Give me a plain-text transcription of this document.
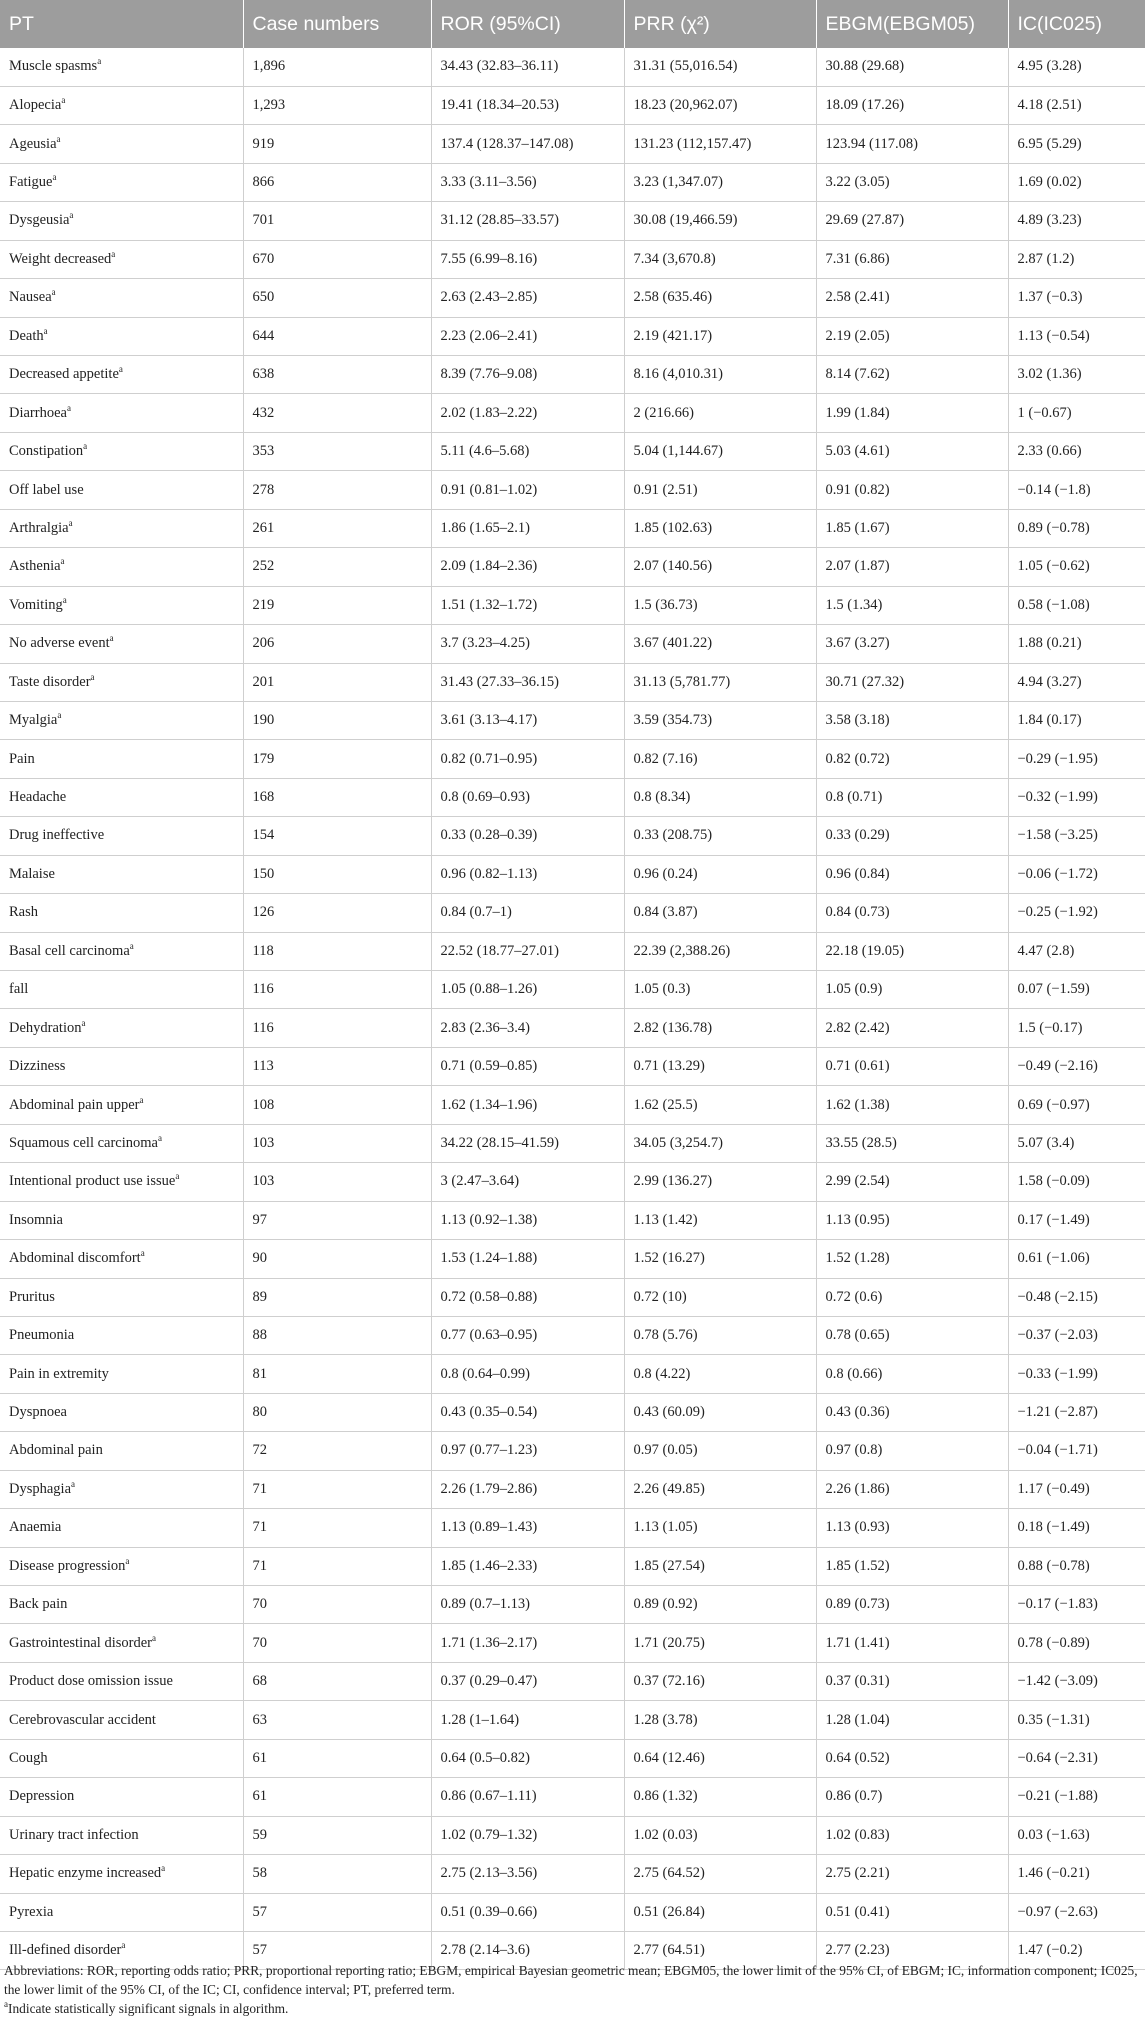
PT	Case numbers	ROR (95%CI)	PRR (χ²)	EBGM(EBGM05)	IC(IC025)
Muscle spasms$^a$	1,896	34.43 (32.83–36.11)	31.31 (55,016.54)	30.88 (29.68)	4.95 (3.28)
Alopecia$^a$	1,293	19.41 (18.34–20.53)	18.23 (20,962.07)	18.09 (17.26)	4.18 (2.51)
Ageusia$^a$	919	137.4 (128.37–147.08)	131.23 (112,157.47)	123.94 (117.08)	6.95 (5.29)
Fatigue$^a$	866	3.33 (3.11–3.56)	3.23 (1,347.07)	3.22 (3.05)	1.69 (0.02)
Dysgeusia$^a$	701	31.12 (28.85–33.57)	30.08 (19,466.59)	29.69 (27.87)	4.89 (3.23)
Weight decreased$^a$	670	7.55 (6.99–8.16)	7.34 (3,670.8)	7.31 (6.86)	2.87 (1.2)
Nausea$^a$	650	2.63 (2.43–2.85)	2.58 (635.46)	2.58 (2.41)	1.37 (−0.3)
Death$^a$	644	2.23 (2.06–2.41)	2.19 (421.17)	2.19 (2.05)	1.13 (−0.54)
Decreased appetite$^a$	638	8.39 (7.76–9.08)	8.16 (4,010.31)	8.14 (7.62)	3.02 (1.36)
Diarrhoea$^a$	432	2.02 (1.83–2.22)	2 (216.66)	1.99 (1.84)	1 (−0.67)
Constipation$^a$	353	5.11 (4.6–5.68)	5.04 (1,144.67)	5.03 (4.61)	2.33 (0.66)
Off label use	278	0.91 (0.81–1.02)	0.91 (2.51)	0.91 (0.82)	−0.14 (−1.8)
Arthralgia$^a$	261	1.86 (1.65–2.1)	1.85 (102.63)	1.85 (1.67)	0.89 (−0.78)
Asthenia$^a$	252	2.09 (1.84–2.36)	2.07 (140.56)	2.07 (1.87)	1.05 (−0.62)
Vomiting$^a$	219	1.51 (1.32–1.72)	1.5 (36.73)	1.5 (1.34)	0.58 (−1.08)
No adverse event$^a$	206	3.7 (3.23–4.25)	3.67 (401.22)	3.67 (3.27)	1.88 (0.21)
Taste disorder$^a$	201	31.43 (27.33–36.15)	31.13 (5,781.77)	30.71 (27.32)	4.94 (3.27)
Myalgia$^a$	190	3.61 (3.13–4.17)	3.59 (354.73)	3.58 (3.18)	1.84 (0.17)
Pain	179	0.82 (0.71–0.95)	0.82 (7.16)	0.82 (0.72)	−0.29 (−1.95)
Headache	168	0.8 (0.69–0.93)	0.8 (8.34)	0.8 (0.71)	−0.32 (−1.99)
Drug ineffective	154	0.33 (0.28–0.39)	0.33 (208.75)	0.33 (0.29)	−1.58 (−3.25)
Malaise	150	0.96 (0.82–1.13)	0.96 (0.24)	0.96 (0.84)	−0.06 (−1.72)
Rash	126	0.84 (0.7–1)	0.84 (3.87)	0.84 (0.73)	−0.25 (−1.92)
Basal cell carcinoma$^a$	118	22.52 (18.77–27.01)	22.39 (2,388.26)	22.18 (19.05)	4.47 (2.8)
fall	116	1.05 (0.88–1.26)	1.05 (0.3)	1.05 (0.9)	0.07 (−1.59)
Dehydration$^a$	116	2.83 (2.36–3.4)	2.82 (136.78)	2.82 (2.42)	1.5 (−0.17)
Dizziness	113	0.71 (0.59–0.85)	0.71 (13.29)	0.71 (0.61)	−0.49 (−2.16)
Abdominal pain upper$^a$	108	1.62 (1.34–1.96)	1.62 (25.5)	1.62 (1.38)	0.69 (−0.97)
Squamous cell carcinoma$^a$	103	34.22 (28.15–41.59)	34.05 (3,254.7)	33.55 (28.5)	5.07 (3.4)
Intentional product use issue$^a$	103	3 (2.47–3.64)	2.99 (136.27)	2.99 (2.54)	1.58 (−0.09)
Insomnia	97	1.13 (0.92–1.38)	1.13 (1.42)	1.13 (0.95)	0.17 (−1.49)
Abdominal discomfort$^a$	90	1.53 (1.24–1.88)	1.52 (16.27)	1.52 (1.28)	0.61 (−1.06)
Pruritus	89	0.72 (0.58–0.88)	0.72 (10)	0.72 (0.6)	−0.48 (−2.15)
Pneumonia	88	0.77 (0.63–0.95)	0.78 (5.76)	0.78 (0.65)	−0.37 (−2.03)
Pain in extremity	81	0.8 (0.64–0.99)	0.8 (4.22)	0.8 (0.66)	−0.33 (−1.99)
Dyspnoea	80	0.43 (0.35–0.54)	0.43 (60.09)	0.43 (0.36)	−1.21 (−2.87)
Abdominal pain	72	0.97 (0.77–1.23)	0.97 (0.05)	0.97 (0.8)	−0.04 (−1.71)
Dysphagia$^a$	71	2.26 (1.79–2.86)	2.26 (49.85)	2.26 (1.86)	1.17 (−0.49)
Anaemia	71	1.13 (0.89–1.43)	1.13 (1.05)	1.13 (0.93)	0.18 (−1.49)
Disease progression$^a$	71	1.85 (1.46–2.33)	1.85 (27.54)	1.85 (1.52)	0.88 (−0.78)
Back pain	70	0.89 (0.7–1.13)	0.89 (0.92)	0.89 (0.73)	−0.17 (−1.83)
Gastrointestinal disorder$^a$	70	1.71 (1.36–2.17)	1.71 (20.75)	1.71 (1.41)	0.78 (−0.89)
Product dose omission issue	68	0.37 (0.29–0.47)	0.37 (72.16)	0.37 (0.31)	−1.42 (−3.09)
Cerebrovascular accident	63	1.28 (1–1.64)	1.28 (3.78)	1.28 (1.04)	0.35 (−1.31)
Cough	61	0.64 (0.5–0.82)	0.64 (12.46)	0.64 (0.52)	−0.64 (−2.31)
Depression	61	0.86 (0.67–1.11)	0.86 (1.32)	0.86 (0.7)	−0.21 (−1.88)
Urinary tract infection	59	1.02 (0.79–1.32)	1.02 (0.03)	1.02 (0.83)	0.03 (−1.63)
Hepatic enzyme increased$^a$	58	2.75 (2.13–3.56)	2.75 (64.52)	2.75 (2.21)	1.46 (−0.21)
Pyrexia	57	0.51 (0.39–0.66)	0.51 (26.84)	0.51 (0.41)	−0.97 (−2.63)
Ill-defined disorder$^a$	57	2.78 (2.14–3.6)	2.77 (64.51)	2.77 (2.23)	1.47 (−0.2)

Abbreviations: ROR, reporting odds ratio; PRR, proportional reporting ratio; EBGM, empirical Bayesian geometric mean; EBGM05, the lower limit of the 95% CI, of EBGM; IC, information component; IC025, the lower limit of the 95% CI, of the IC; CI, confidence interval; PT, preferred term.

$^a$Indicate statistically significant signals in algorithm.
